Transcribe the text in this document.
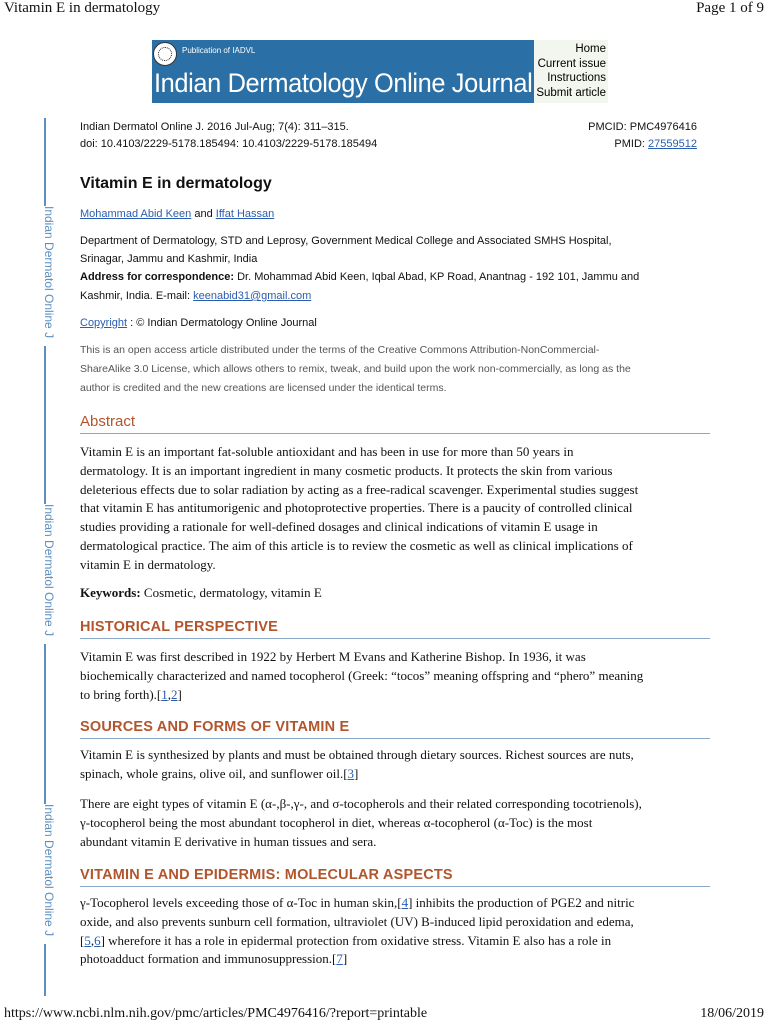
Vitamin E in dermatology	Page 1 of 9
https://www.ncbi.nlm.nih.gov/pmc/articles/PMC4976416/?report=printable	18/06/2019
Publication of IADVL
Indian Dermatology Online Journal
Home
Current issue
Instructions
Submit article
Indian Dermatol Online J
Indian Dermatol Online J
Indian Dermatol Online J
Indian Dermatol Online J. 2016 Jul-Aug; 7(4): 311–315.
doi: 10.4103/2229-5178.185494: 10.4103/2229-5178.185494
PMCID: PMC4976416
PMID: 27559512
Vitamin E in dermatology
Mohammad Abid Keen and Iffat Hassan
Department of Dermatology, STD and Leprosy, Government Medical College and Associated SMHS Hospital,
Srinagar, Jammu and Kashmir, India
Address for correspondence: Dr. Mohammad Abid Keen, Iqbal Abad, KP Road, Anantnag - 192 101, Jammu and
Kashmir, India. E-mail: keenabid31@gmail.com
Copyright : © Indian Dermatology Online Journal
This is an open access article distributed under the terms of the Creative Commons Attribution-NonCommercial-
ShareAlike 3.0 License, which allows others to remix, tweak, and build upon the work non-commercially, as long as the
author is credited and the new creations are licensed under the identical terms.
Abstract
Vitamin E is an important fat-soluble antioxidant and has been in use for more than 50 years in
dermatology. It is an important ingredient in many cosmetic products. It protects the skin from various
deleterious effects due to solar radiation by acting as a free-radical scavenger. Experimental studies suggest
that vitamin E has antitumorigenic and photoprotective properties. There is a paucity of controlled clinical
studies providing a rationale for well-defined dosages and clinical indications of vitamin E usage in
dermatological practice. The aim of this article is to review the cosmetic as well as clinical implications of
vitamin E in dermatology.
Keywords: Cosmetic, dermatology, vitamin E
HISTORICAL PERSPECTIVE
Vitamin E was first described in 1922 by Herbert M Evans and Katherine Bishop. In 1936, it was
biochemically characterized and named tocopherol (Greek: “tocos” meaning offspring and “phero” meaning
to bring forth).[1,2]
SOURCES AND FORMS OF VITAMIN E
Vitamin E is synthesized by plants and must be obtained through dietary sources. Richest sources are nuts,
spinach, whole grains, olive oil, and sunflower oil.[3]
There are eight types of vitamin E (α-,β-,γ-, and σ-tocopherols and their related corresponding tocotrienols),
γ-tocopherol being the most abundant tocopherol in diet, whereas α-tocopherol (α-Toc) is the most
abundant vitamin E derivative in human tissues and sera.
VITAMIN E AND EPIDERMIS: MOLECULAR ASPECTS
γ-Tocopherol levels exceeding those of α-Toc in human skin,[4] inhibits the production of PGE2 and nitric
oxide, and also prevents sunburn cell formation, ultraviolet (UV) B-induced lipid peroxidation and edema,
[5,6] wherefore it has a role in epidermal protection from oxidative stress. Vitamin E also has a role in
photoadduct formation and immunosuppression.[7]
